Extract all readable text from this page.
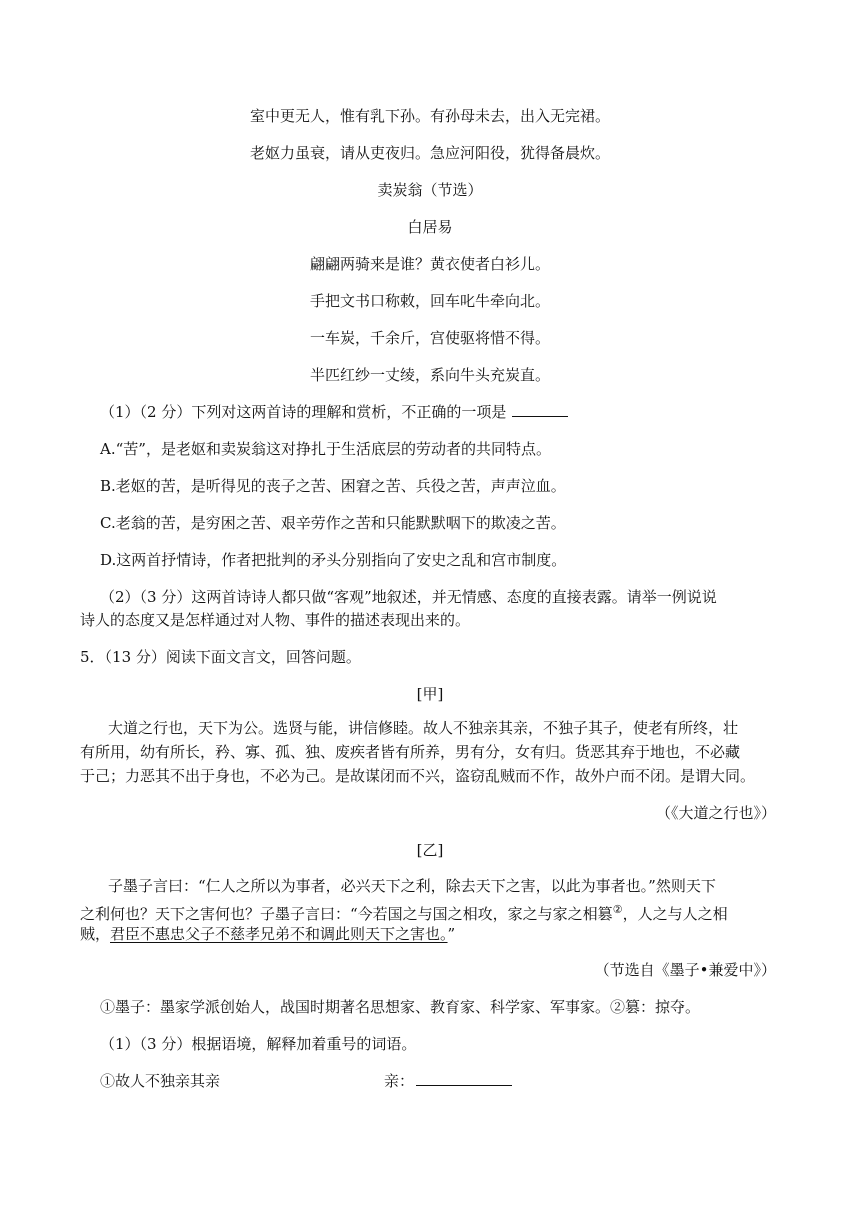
室中更无人，惟有乳下孙。有孙母未去，出入无完裙。
老妪力虽衰，请从吏夜归。急应河阳役，犹得备晨炊。
卖炭翁（节选）
白居易
翩翩两骑来是谁？黄衣使者白衫儿。
手把文书口称敕，回车叱牛牵向北。
一车炭，千余斤，宫使驱将惜不得。
半匹红纱一丈绫，系向牛头充炭直。
（1）（2 分）下列对这两首诗的理解和赏析，不正确的一项是
A.“苦”，是老妪和卖炭翁这对挣扎于生活底层的劳动者的共同特点。
B.老妪的苦，是听得见的丧子之苦、困窘之苦、兵役之苦，声声泣血。
C.老翁的苦，是穷困之苦、艰辛劳作之苦和只能默默咽下的欺凌之苦。
D.这两首抒情诗，作者把批判的矛头分别指向了安史之乱和宫市制度。
（2）（3 分）这两首诗诗人都只做“客观”地叙述，并无情感、态度的直接表露。请举一例说说
诗人的态度又是怎样通过对人物、事件的描述表现出来的。
5．（13 分）阅读下面文言文，回答问题。
[甲]
大道之行也，天下为公。选贤与能，讲信修睦。故人不独亲其亲，不独子其子，使老有所终，壮
有所用，幼有所长，矜、寡、孤、独、废疾者皆有所养，男有分，女有归。货恶其弃于地也，不必藏
于己；力恶其不出于身也，不必为己。是故谋闭而不兴，盗窃乱贼而不作，故外户而不闭。是谓大同。
（《大道之行也》）
[乙]
子墨子言曰：“仁人之所以为事者，必兴天下之利，除去天下之害，以此为事者也。”然则天下
之利何也？天下之害何也？子墨子言曰：“今若国之与国之相攻，家之与家之相篡②，人之与人之相
贼，君臣不惠忠父子不慈孝兄弟不和调此则天下之害也。”
（节选自《墨子•兼爱中》）
①墨子：墨家学派创始人，战国时期著名思想家、教育家、科学家、军事家。②篡：掠夺。
（1）（3 分）根据语境，解释加着重号的词语。
①故人不独亲其亲	亲：
